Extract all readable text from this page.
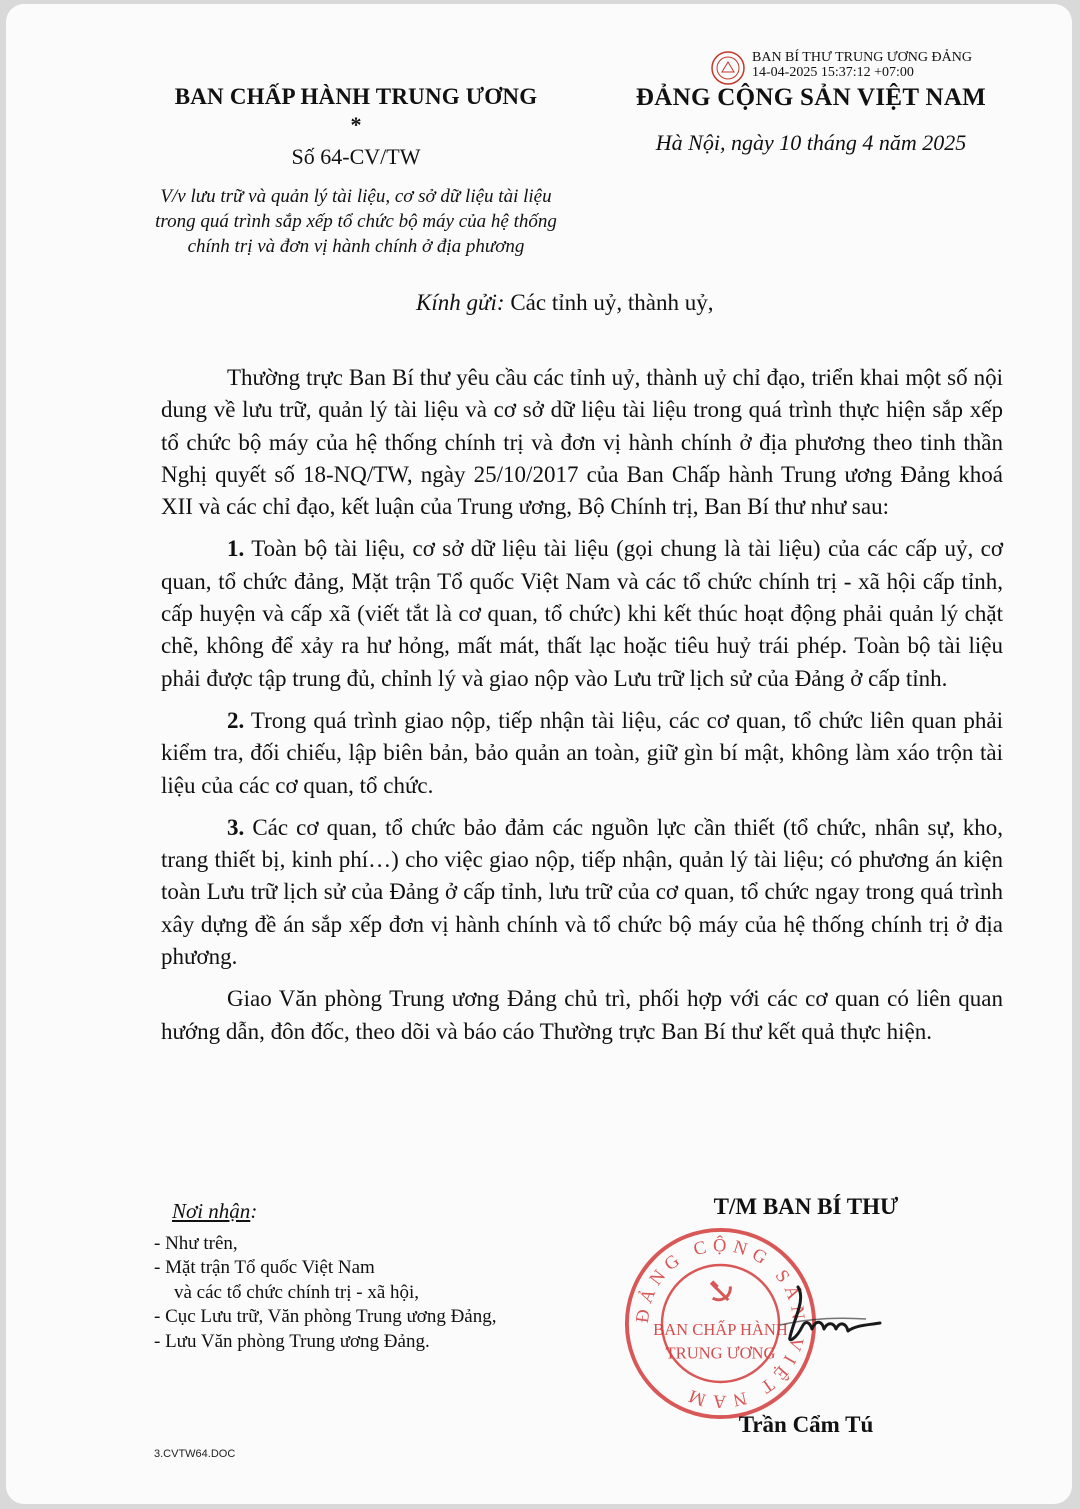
BAN BÍ THƯ TRUNG ƯƠNG ĐẢNG
14-04-2025 15:37:12 +07:00
BAN CHẤP HÀNH TRUNG ƯƠNG
*
Số 64-CV/TW
V/v lưu trữ và quản lý tài liệu, cơ sở dữ liệu tài liệu
trong quá trình sắp xếp tổ chức bộ máy của hệ thống
chính trị và đơn vị hành chính ở địa phương
ĐẢNG CỘNG SẢN VIỆT NAM
Hà Nội, ngày 10 tháng 4 năm 2025
Kính gửi: Các tỉnh uỷ, thành uỷ,

Thường trực Ban Bí thư yêu cầu các tỉnh uỷ, thành uỷ chỉ đạo, triển khai một số nội dung về lưu trữ, quản lý tài liệu và cơ sở dữ liệu tài liệu trong quá trình thực hiện sắp xếp tổ chức bộ máy của hệ thống chính trị và đơn vị hành chính ở địa phương theo tinh thần Nghị quyết số 18-NQ/TW, ngày 25/10/2017 của Ban Chấp hành Trung ương Đảng khoá XII và các chỉ đạo, kết luận của Trung ương, Bộ Chính trị, Ban Bí thư như sau:

1. Toàn bộ tài liệu, cơ sở dữ liệu tài liệu (gọi chung là tài liệu) của các cấp uỷ, cơ quan, tổ chức đảng, Mặt trận Tổ quốc Việt Nam và các tổ chức chính trị - xã hội cấp tỉnh, cấp huyện và cấp xã (viết tắt là cơ quan, tổ chức) khi kết thúc hoạt động phải quản lý chặt chẽ, không để xảy ra hư hỏng, mất mát, thất lạc hoặc tiêu huỷ trái phép. Toàn bộ tài liệu phải được tập trung đủ, chỉnh lý và giao nộp vào Lưu trữ lịch sử của Đảng ở cấp tỉnh.

2. Trong quá trình giao nộp, tiếp nhận tài liệu, các cơ quan, tổ chức liên quan phải kiểm tra, đối chiếu, lập biên bản, bảo quản an toàn, giữ gìn bí mật, không làm xáo trộn tài liệu của các cơ quan, tổ chức.

3. Các cơ quan, tổ chức bảo đảm các nguồn lực cần thiết (tổ chức, nhân sự, kho, trang thiết bị, kinh phí…) cho việc giao nộp, tiếp nhận, quản lý tài liệu; có phương án kiện toàn Lưu trữ lịch sử của Đảng ở cấp tỉnh, lưu trữ của cơ quan, tổ chức ngay trong quá trình xây dựng đề án sắp xếp đơn vị hành chính và tổ chức bộ máy của hệ thống chính trị ở địa phương.

Giao Văn phòng Trung ương Đảng chủ trì, phối hợp với các cơ quan có liên quan hướng dẫn, đôn đốc, theo dõi và báo cáo Thường trực Ban Bí thư kết quả thực hiện.

Nơi nhận:
- Như trên,
- Mặt trận Tổ quốc Việt Nam
và các tổ chức chính trị - xã hội,
- Cục Lưu trữ, Văn phòng Trung ương Đảng,
- Lưu Văn phòng Trung ương Đảng.
T/M BAN BÍ THƯ
ĐẢNG CỘNG SẢN VIỆT NAM
BAN CHẤP HÀNH
TRUNG ƯƠNG
Trần Cẩm Tú
3.CVTW64.DOC
